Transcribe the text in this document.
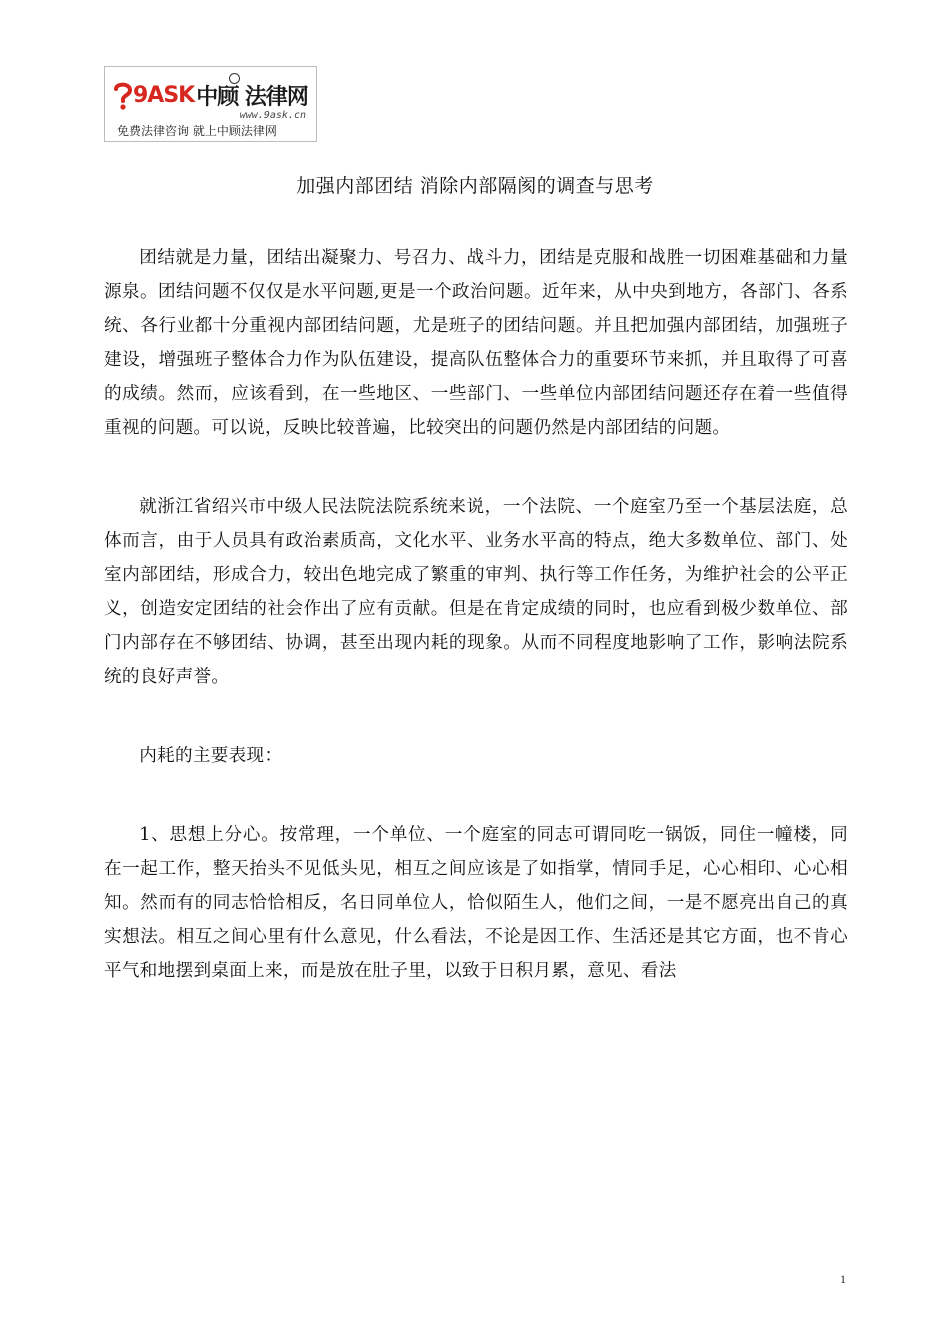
9ASK 中顾 法律网
www.9ask.cn
免费法律咨询 就上中顾法律网
加强内部团结 消除内部隔阂的调查与思考

团结就是力量，团结出凝聚力、号召力、战斗力，团结是克服和战胜一切困难基础和力量源泉。团结问题不仅仅是水平问题,更是一个政治问题。近年来，从中央到地方，各部门、各系统、各行业都十分重视内部团结问题，尤是班子的团结问题。并且把加强内部团结，加强班子建设，增强班子整体合力作为队伍建设，提高队伍整体合力的重要环节来抓，并且取得了可喜的成绩。然而，应该看到，在一些地区、一些部门、一些单位内部团结问题还存在着一些值得重视的问题。可以说，反映比较普遍，比较突出的问题仍然是内部团结的问题。

就浙江省绍兴市中级人民法院法院系统来说，一个法院、一个庭室乃至一个基层法庭，总体而言，由于人员具有政治素质高，文化水平、业务水平高的特点，绝大多数单位、部门、处室内部团结，形成合力，较出色地完成了繁重的审判、执行等工作任务，为维护社会的公平正义，创造安定团结的社会作出了应有贡献。但是在肯定成绩的同时，也应看到极少数单位、部门内部存在不够团结、协调，甚至出现内耗的现象。从而不同程度地影响了工作，影响法院系统的良好声誉。

内耗的主要表现：

1、思想上分心。按常理，一个单位、一个庭室的同志可谓同吃一锅饭，同住一幢楼，同在一起工作，整天抬头不见低头见，相互之间应该是了如指掌，情同手足，心心相印、心心相知。然而有的同志恰恰相反，名日同单位人，恰似陌生人，他们之间，一是不愿亮出自己的真实想法。相互之间心里有什么意见，什么看法，不论是因工作、生活还是其它方面，也不肯心平气和地摆到桌面上来，而是放在肚子里，以致于日积月累，意见、看法

1
